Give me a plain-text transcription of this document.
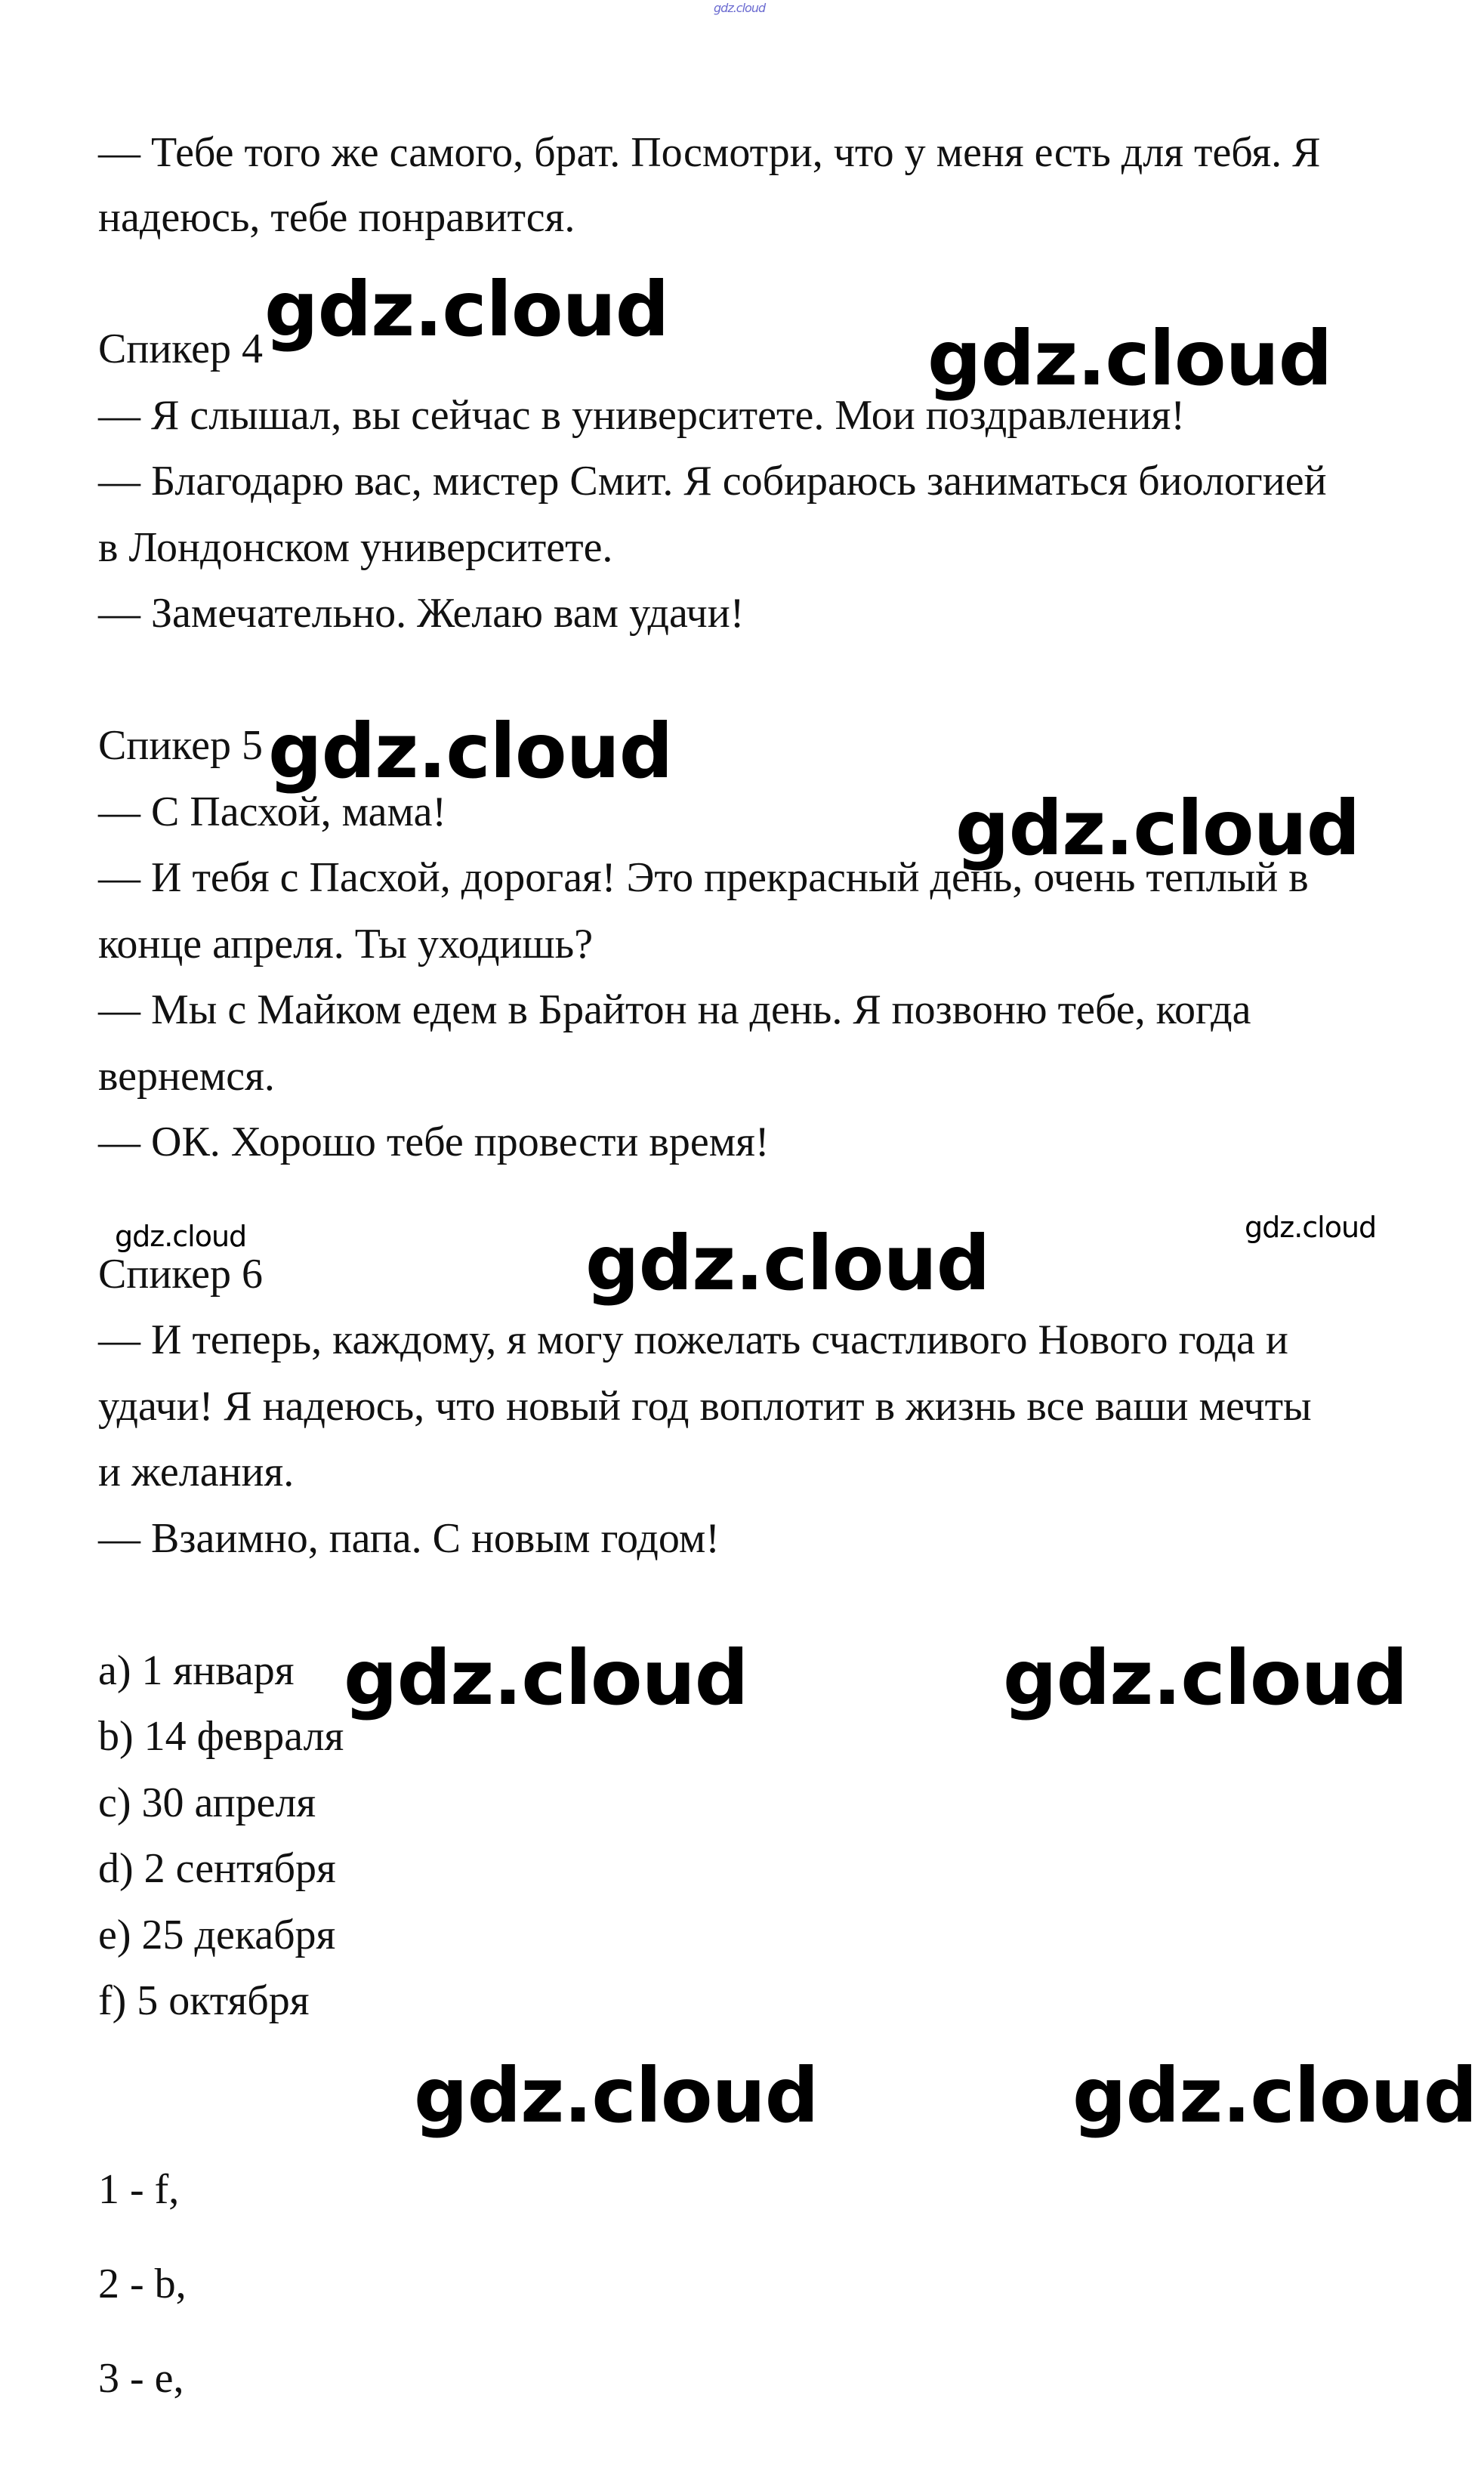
gdz.cloud
— Тебе того же самого, брат. Посмотри, что у меня есть для тебя. Я
надеюсь, тебе понравится.
Спикер 4
— Я слышал, вы сейчас в университете. Мои поздравления!
— Благодарю вас, мистер Смит. Я собираюсь заниматься биологией
в Лондонском университете.
— Замечательно. Желаю вам удачи!
Спикер 5
— С Пасхой, мама!
— И тебя с Пасхой, дорогая! Это прекрасный день, очень теплый в
конце апреля. Ты уходишь?
— Мы с Майком едем в Брайтон на день. Я позвоню тебе, когда
вернемся.
— ОК. Хорошо тебе провести время!
Спикер 6
— И теперь, каждому, я могу пожелать счастливого Нового года и
удачи! Я надеюсь, что новый год воплотит в жизнь все ваши мечты
и желания.
— Взаимно, папа. С новым годом!
a) 1 января
b) 14 февраля
c) 30 апреля
d) 2 сентября
e) 25 декабря
f) 5 октября
1 - f,
2 - b,
3 - e,
gdz.cloud
gdz.cloud
gdz.cloud
gdz.cloud
gdz.cloud	gdz.cloud
gdz.cloud
gdz.cloud	gdz.cloud
gdz.cloud	gdz.cloud
